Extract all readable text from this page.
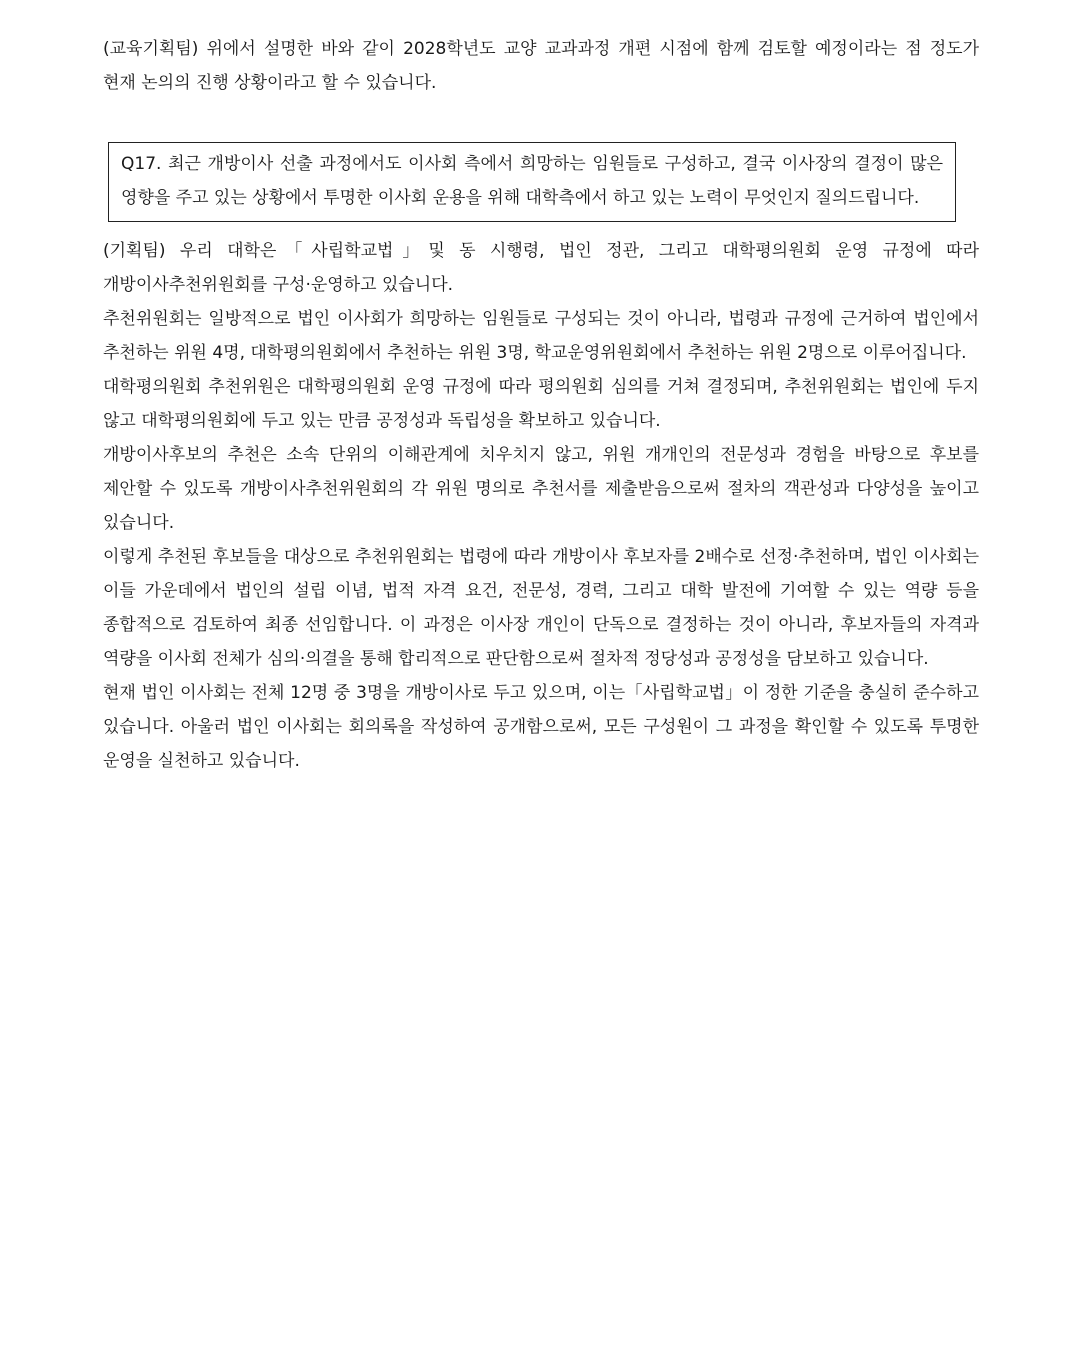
(교육기획팀) 위에서 설명한 바와 같이 2028학년도 교양 교과과정 개편 시점에 함께 검토할 예정이라는 점 정도가 현재 논의의 진행 상황이라고 할 수 있습니다.

Q17. 최근 개방이사 선출 과정에서도 이사회 측에서 희망하는 임원들로 구성하고, 결국 이사장의 결정이 많은 영향을 주고 있는 상황에서 투명한 이사회 운용을 위해 대학측에서 하고 있는 노력이 무엇인지 질의드립니다.

(기획팀) 우리 대학은「사립학교법」및 동 시행령, 법인 정관, 그리고 대학평의원회 운영 규정에 따라 개방이사추천위원회를 구성·운영하고 있습니다.

추천위원회는 일방적으로 법인 이사회가 희망하는 임원들로 구성되는 것이 아니라, 법령과 규정에 근거하여 법인에서 추천하는 위원 4명, 대학평의원회에서 추천하는 위원 3명, 학교운영위원회에서 추천하는 위원 2명으로 이루어집니다.

대학평의원회 추천위원은 대학평의원회 운영 규정에 따라 평의원회 심의를 거쳐 결정되며, 추천위원회는 법인에 두지 않고 대학평의원회에 두고 있는 만큼 공정성과 독립성을 확보하고 있습니다.

개방이사후보의 추천은 소속 단위의 이해관계에 치우치지 않고, 위원 개개인의 전문성과 경험을 바탕으로 후보를 제안할 수 있도록 개방이사추천위원회의 각 위원 명의로 추천서를 제출받음으로써 절차의 객관성과 다양성을 높이고 있습니다.

이렇게 추천된 후보들을 대상으로 추천위원회는 법령에 따라 개방이사 후보자를 2배수로 선정·추천하며, 법인 이사회는 이들 가운데에서 법인의 설립 이념, 법적 자격 요건, 전문성, 경력, 그리고 대학 발전에 기여할 수 있는 역량 등을 종합적으로 검토하여 최종 선임합니다. 이 과정은 이사장 개인이 단독으로 결정하는 것이 아니라, 후보자들의 자격과 역량을 이사회 전체가 심의·의결을 통해 합리적으로 판단함으로써 절차적 정당성과 공정성을 담보하고 있습니다.

현재 법인 이사회는 전체 12명 중 3명을 개방이사로 두고 있으며, 이는「사립학교법」이 정한 기준을 충실히 준수하고 있습니다. 아울러 법인 이사회는 회의록을 작성하여 공개함으로써, 모든 구성원이 그 과정을 확인할 수 있도록 투명한 운영을 실천하고 있습니다.
